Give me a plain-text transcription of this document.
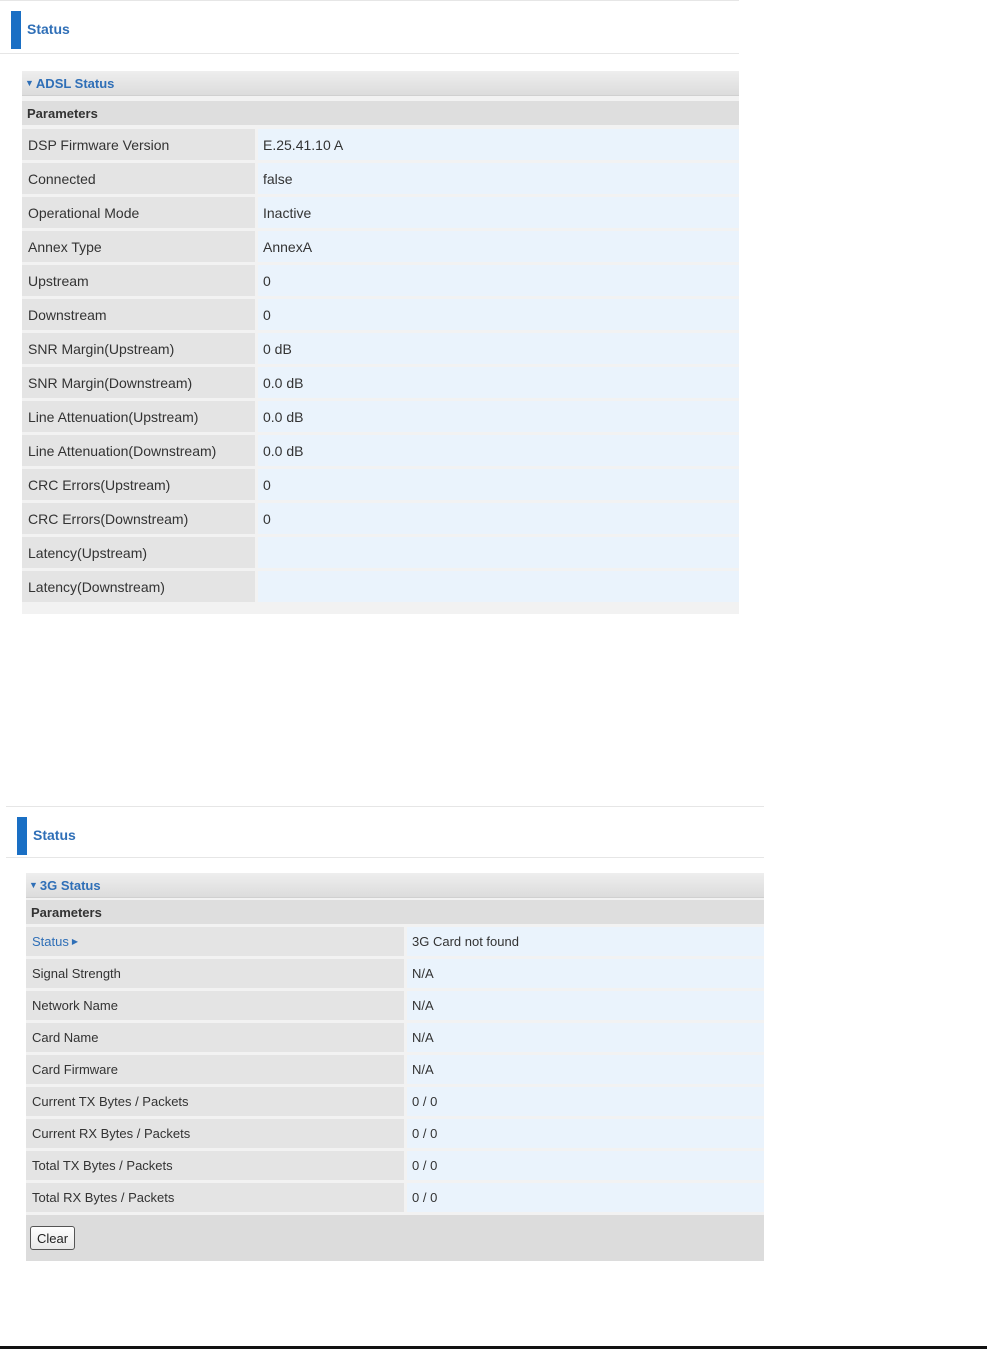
Status
▼ ADSL Status
Parameters
DSP Firmware Version	E.25.41.10 A
Connected	false
Operational Mode	Inactive
Annex Type	AnnexA
Upstream	0
Downstream	0
SNR Margin(Upstream)	0 dB
SNR Margin(Downstream)	0.0 dB
Line Attenuation(Upstream)	0.0 dB
Line Attenuation(Downstream)	0.0 dB
CRC Errors(Upstream)	0
CRC Errors(Downstream)	0
Latency(Upstream)
Latency(Downstream)
Status
▼ 3G Status
Parameters
Status ▶	3G Card not found
Signal Strength	N/A
Network Name	N/A
Card Name	N/A
Card Firmware	N/A
Current TX Bytes / Packets	0 / 0
Current RX Bytes / Packets	0 / 0
Total TX Bytes / Packets	0 / 0
Total RX Bytes / Packets	0 / 0
Clear
